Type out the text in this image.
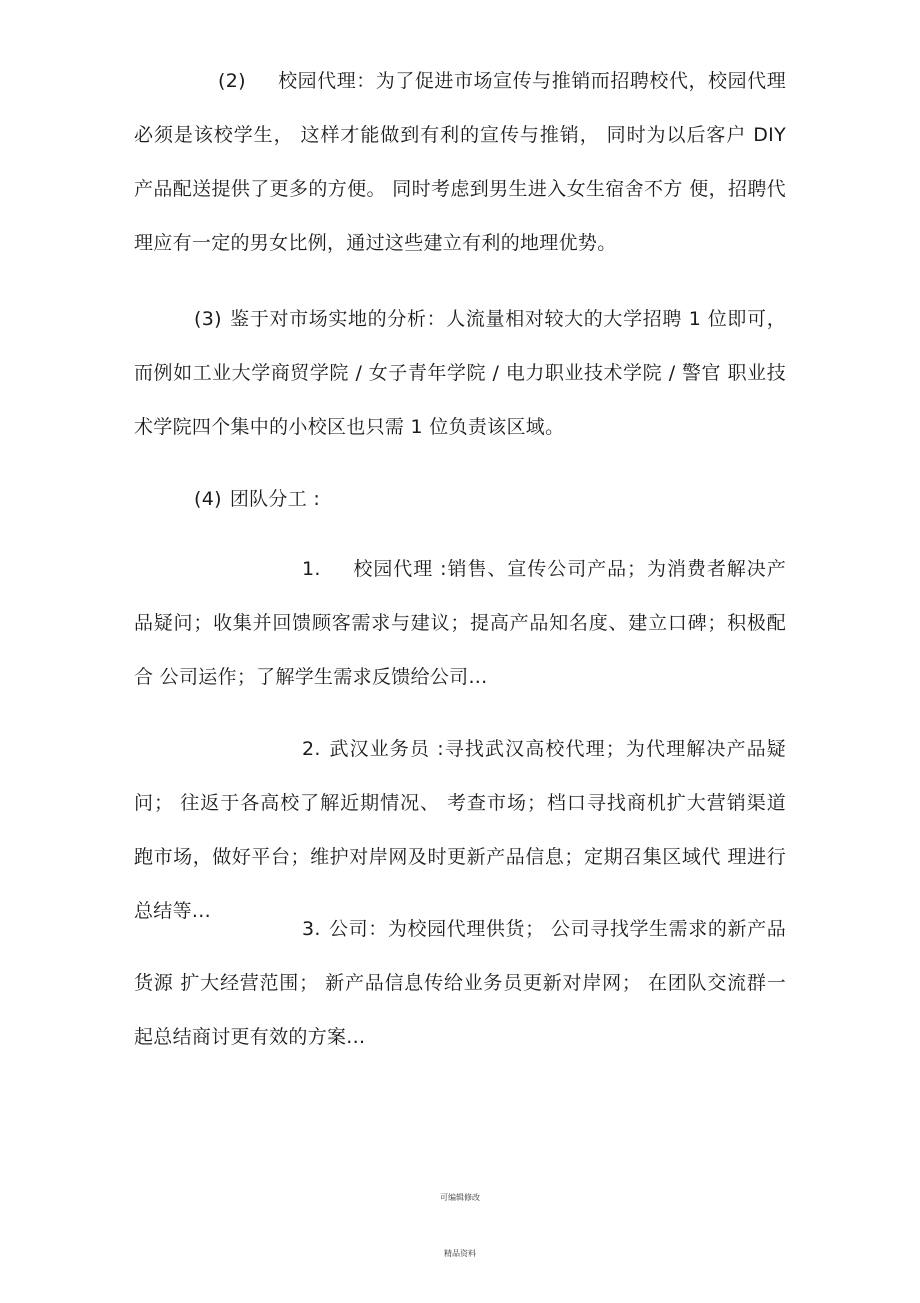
(2) 校园代理：为了促进市场宣传与推销而招聘校代，校园代理 必须是该校学生， 这样才能做到有利的宣传与推销， 同时为以后客户 DIY 产品配送提供了更多的方便。 同时考虑到男生进入女生宿舍不方 便，招聘代理应有一定的男女比例，通过这些建立有利的地理优势。

(3) 鉴于对市场实地的分析：人流量相对较大的大学招聘 1 位即可， 而例如工业大学商贸学院 / 女子青年学院 / 电力职业技术学院 / 警官 职业技术学院四个集中的小校区也只需 1 位负责该区域。

(4) 团队分工 :

1. 校园代理 :销售、宣传公司产品；为消费者解决产品疑问；收集并回馈顾客需求与建议；提高产品知名度、建立口碑；积极配合 公司运作；了解学生需求反馈给公司...

2. 武汉业务员 :寻找武汉高校代理；为代理解决产品疑问； 往返于各高校了解近期情况、 考查市场；档口寻找商机扩大营销渠道 跑市场，做好平台；维护对岸网及时更新产品信息；定期召集区域代 理进行总结等...

3. 公司：为校园代理供货； 公司寻找学生需求的新产品货源 扩大经营范围； 新产品信息传给业务员更新对岸网； 在团队交流群一 起总结商讨更有效的方案...

可编辑修改

精品资料
